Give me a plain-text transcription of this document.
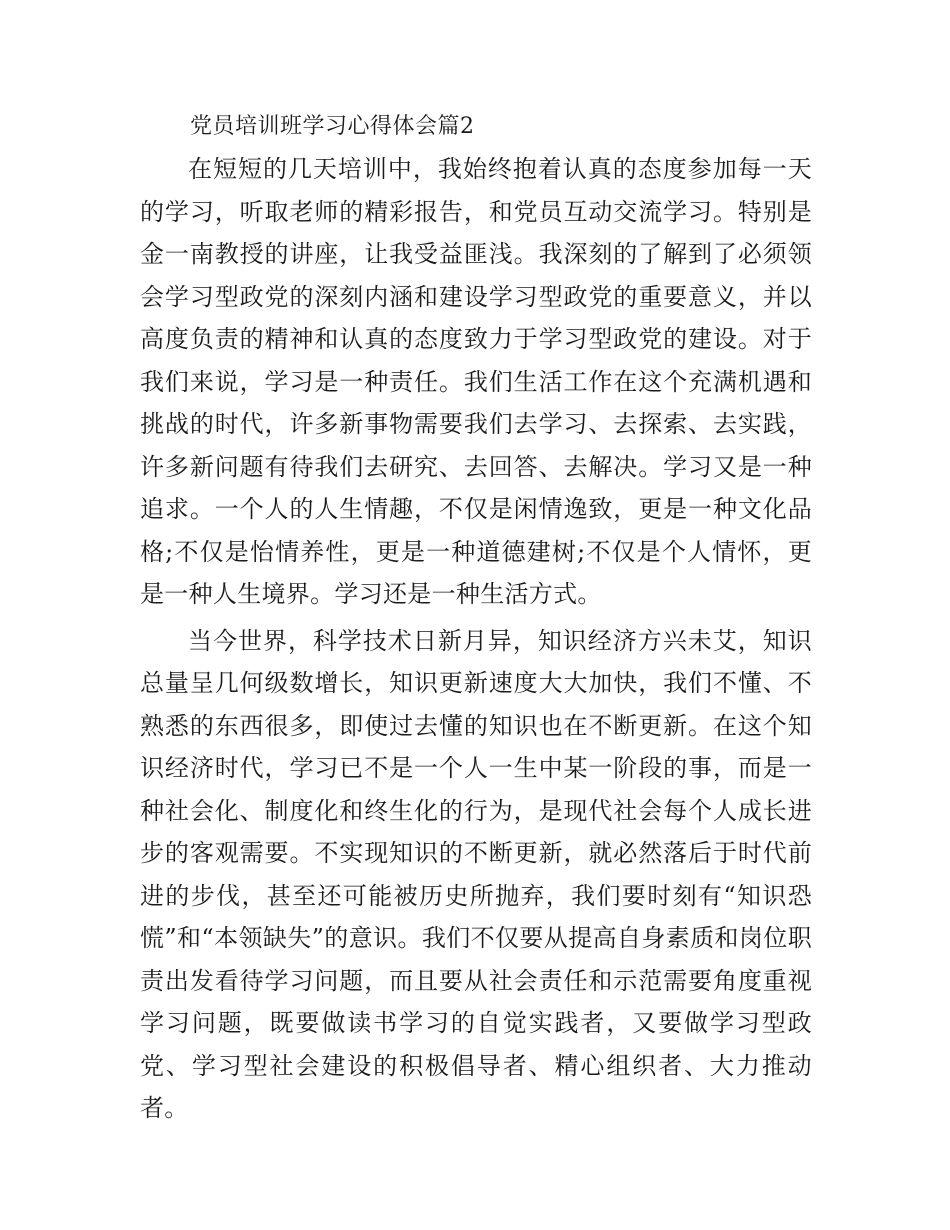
党员培训班学习心得体会篇2

在短短的几天培训中，我始终抱着认真的态度参加每一天的学习，听取老师的精彩报告，和党员互动交流学习。特别是金一南教授的讲座，让我受益匪浅。我深刻的了解到了必须领会学习型政党的深刻内涵和建设学习型政党的重要意义，并以高度负责的精神和认真的态度致力于学习型政党的建设。对于我们来说，学习是一种责任。我们生活工作在这个充满机遇和挑战的时代，许多新事物需要我们去学习、去探索、去实践，许多新问题有待我们去研究、去回答、去解决。学习又是一种追求。一个人的人生情趣，不仅是闲情逸致，更是一种文化品格;不仅是怡情养性，更是一种道德建树;不仅是个人情怀，更是一种人生境界。学习还是一种生活方式。

当今世界，科学技术日新月异，知识经济方兴未艾，知识总量呈几何级数增长，知识更新速度大大加快，我们不懂、不熟悉的东西很多，即使过去懂的知识也在不断更新。在这个知识经济时代，学习已不是一个人一生中某一阶段的事，而是一种社会化、制度化和终生化的行为，是现代社会每个人成长进步的客观需要。不实现知识的不断更新，就必然落后于时代前进的步伐，甚至还可能被历史所抛弃，我们要时刻有“知识恐慌”和“本领缺失”的意识。我们不仅要从提高自身素质和岗位职责出发看待学习问题，而且要从社会责任和示范需要角度重视学习问题，既要做读书学习的自觉实践者，又要做学习型政党、学习型社会建设的积极倡导者、精心组织者、大力推动者。
